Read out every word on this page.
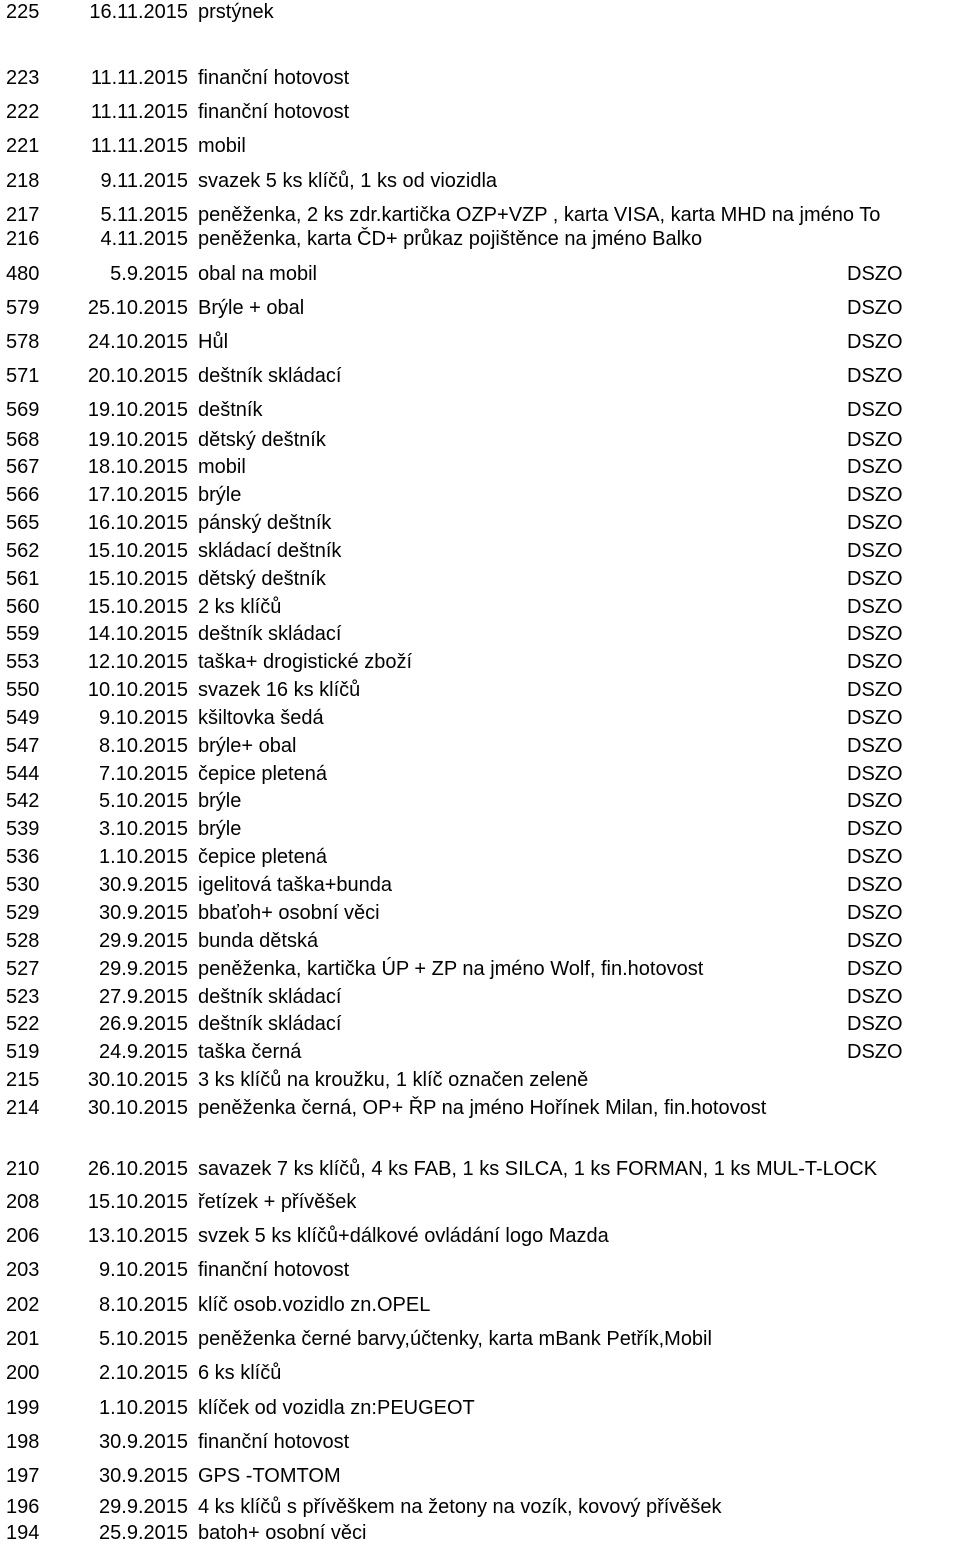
225	16.11.2015 prstýnek
223	11.11.2015 finanční hotovost
222	11.11.2015 finanční hotovost
221	11.11.2015 mobil
218	9.11.2015 svazek 5 ks klíčů, 1 ks od viozidla
217	5.11.2015 peněženka, 2 ks zdr.kartička OZP+VZP , karta VISA, karta MHD na jméno To
216	4.11.2015 peněženka, karta ČD+ průkaz pojištěnce na jméno Balko
480	5.9.2015 obal na mobil	DSZO
579	25.10.2015 Brýle + obal	DSZO
578	24.10.2015 Hůl	DSZO
571	20.10.2015 deštník skládací	DSZO
569	19.10.2015 deštník	DSZO
568	19.10.2015 dětský deštník	DSZO
567	18.10.2015 mobil	DSZO
566	17.10.2015 brýle	DSZO
565	16.10.2015 pánský deštník	DSZO
562	15.10.2015 skládací deštník	DSZO
561	15.10.2015 dětský deštník	DSZO
560	15.10.2015 2 ks klíčů	DSZO
559	14.10.2015 deštník skládací	DSZO
553	12.10.2015 taška+ drogistické zboží	DSZO
550	10.10.2015 svazek 16 ks klíčů	DSZO
549	9.10.2015 kšiltovka šedá	DSZO
547	8.10.2015 brýle+ obal	DSZO
544	7.10.2015 čepice pletená	DSZO
542	5.10.2015 brýle	DSZO
539	3.10.2015 brýle	DSZO
536	1.10.2015 čepice pletená	DSZO
530	30.9.2015 igelitová taška+bunda	DSZO
529	30.9.2015 bbaťoh+ osobní věci	DSZO
528	29.9.2015 bunda dětská	DSZO
527	29.9.2015 peněženka, kartička ÚP + ZP na jméno Wolf, fin.hotovost	DSZO
523	27.9.2015 deštník skládací	DSZO
522	26.9.2015 deštník skládací	DSZO
519	24.9.2015 taška černá	DSZO
215	30.10.2015 3 ks klíčů na kroužku, 1 klíč označen zeleně
214	30.10.2015 peněženka černá, OP+ ŘP na jméno Hořínek Milan, fin.hotovost
210	26.10.2015 savazek 7 ks klíčů, 4 ks FAB, 1 ks SILCA, 1 ks FORMAN, 1 ks MUL-T-LOCK
208	15.10.2015 řetízek + přívěšek
206	13.10.2015 svzek 5 ks klíčů+dálkové ovládání logo Mazda
203	9.10.2015 finanční hotovost
202	8.10.2015 klíč osob.vozidlo zn.OPEL
201	5.10.2015 peněženka černé barvy,účtenky, karta mBank Petřík,Mobil
200	2.10.2015 6 ks klíčů
199	1.10.2015 klíček od vozidla zn:PEUGEOT
198	30.9.2015 finanční hotovost
197	30.9.2015 GPS -TOMTOM
196	29.9.2015 4 ks klíčů s přívěškem na žetony na vozík, kovový přívěšek
194	25.9.2015 batoh+ osobní věci
